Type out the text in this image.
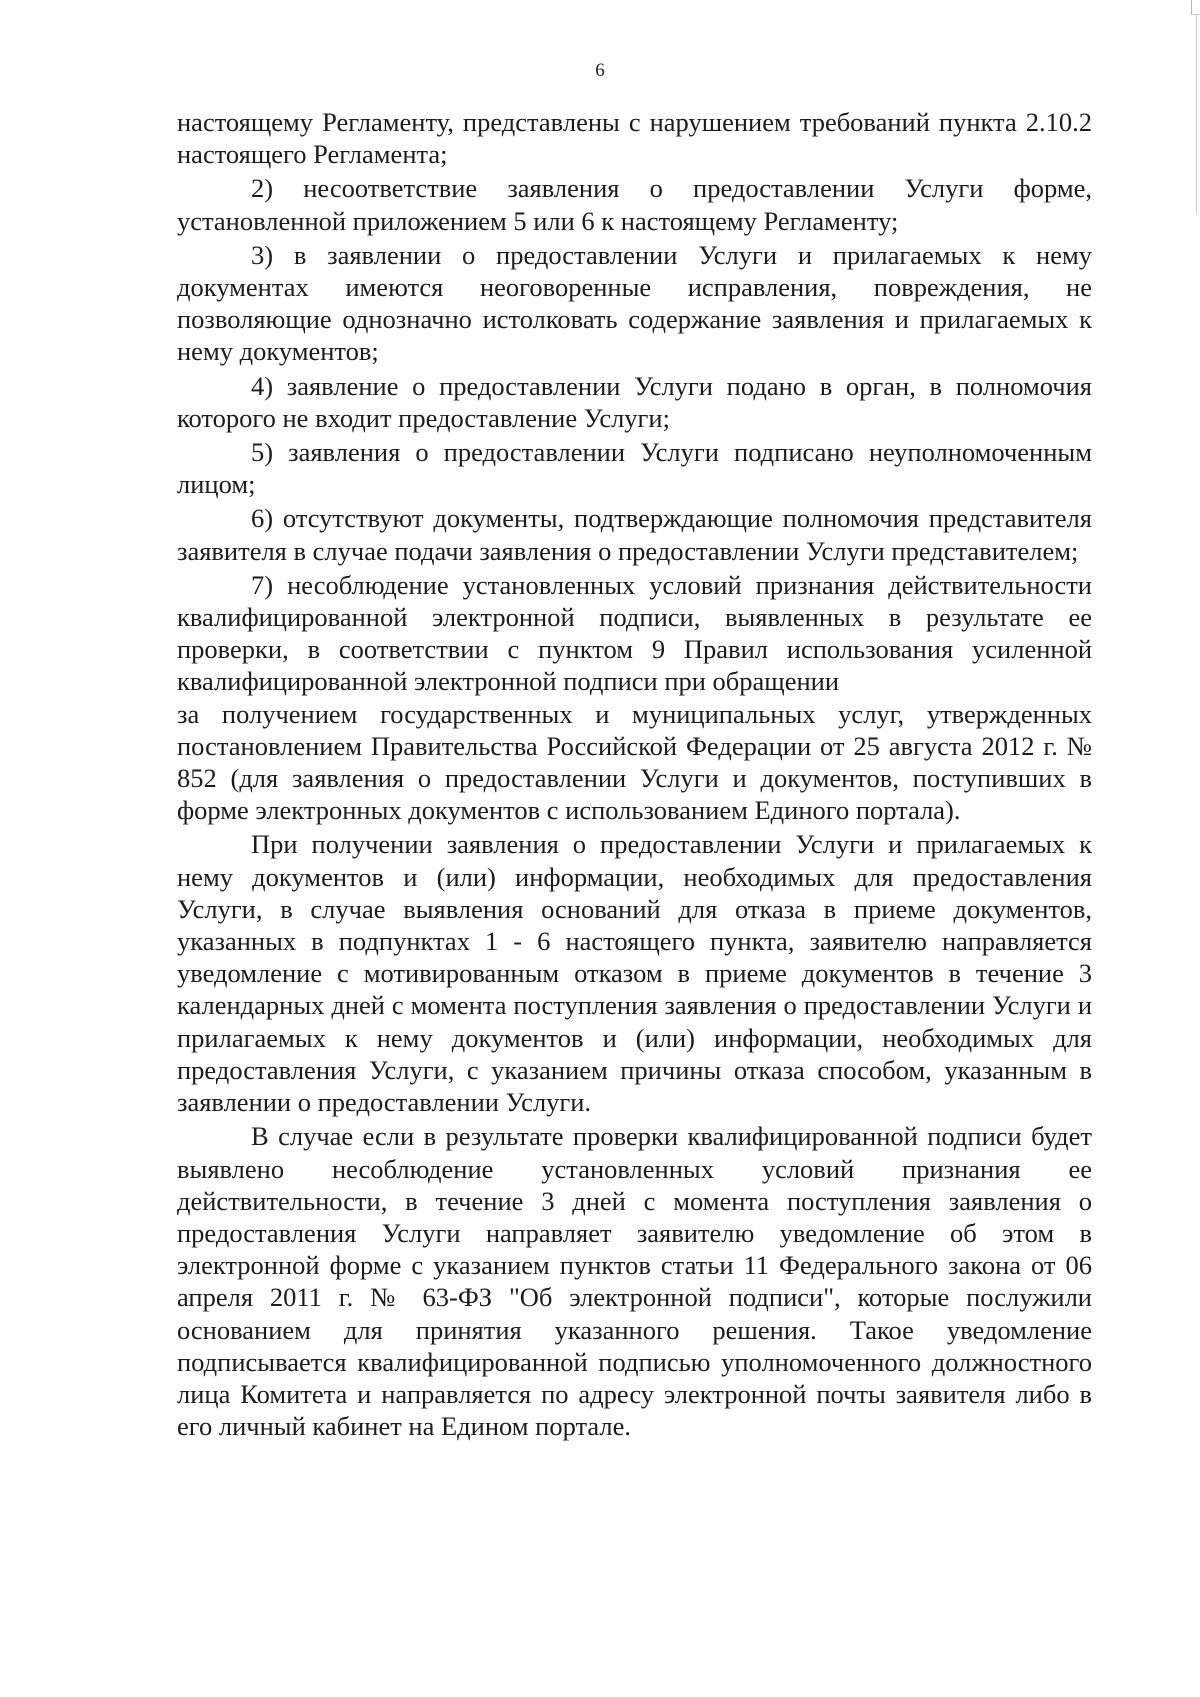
6

настоящему Регламенту, представлены с нарушением требований пункта 2.10.2 настоящего Регламента;

2) несоответствие заявления о предоставлении Услуги форме, установленной приложением 5 или 6 к настоящему Регламенту;

3) в заявлении о предоставлении Услуги и прилагаемых к нему документах имеются неоговоренные исправления, повреждения, не позволяющие однозначно истолковать содержание заявления и прилагаемых к нему документов;

4) заявление о предоставлении Услуги подано в орган, в полномочия которого не входит предоставление Услуги;

5) заявления о предоставлении Услуги подписано неуполномоченным лицом;

6) отсутствуют документы, подтверждающие полномочия представителя заявителя в случае подачи заявления о предоставлении Услуги представителем;

7) несоблюдение установленных условий признания действительности квалифицированной электронной подписи, выявленных в результате ее проверки, в соответствии с пунктом 9 Правил использования усиленной квалифицированной электронной подписи при обращении

за получением государственных и муниципальных услуг, утвержденных постановлением Правительства Российской Федерации от 25 августа 2012 г. № 852 (для заявления о предоставлении Услуги и документов, поступивших в форме электронных документов с использованием Единого портала).

При получении заявления о предоставлении Услуги и прилагаемых к нему документов и (или) информации, необходимых для предоставления Услуги, в случае выявления оснований для отказа в приеме документов, указанных в подпунктах 1 - 6 настоящего пункта, заявителю направляется уведомление с мотивированным отказом в приеме документов в течение 3 календарных дней с момента поступления заявления о предоставлении Услуги и прилагаемых к нему документов и (или) информации, необходимых для предоставления Услуги, с указанием причины отказа способом, указанным в заявлении о предоставлении Услуги.

В случае если в результате проверки квалифицированной подписи будет выявлено несоблюдение установленных условий признания ее действительности, в течение 3 дней с момента поступления заявления о предоставления Услуги направляет заявителю уведомление об этом в электронной форме с указанием пунктов статьи 11 Федерального закона от 06 апреля 2011 г. № 63-ФЗ "Об электронной подписи", которые послужили основанием для принятия указанного решения. Такое уведомление подписывается квалифицированной подписью уполномоченного должностного лица Комитета и направляется по адресу электронной почты заявителя либо в его личный кабинет на Едином портале.
